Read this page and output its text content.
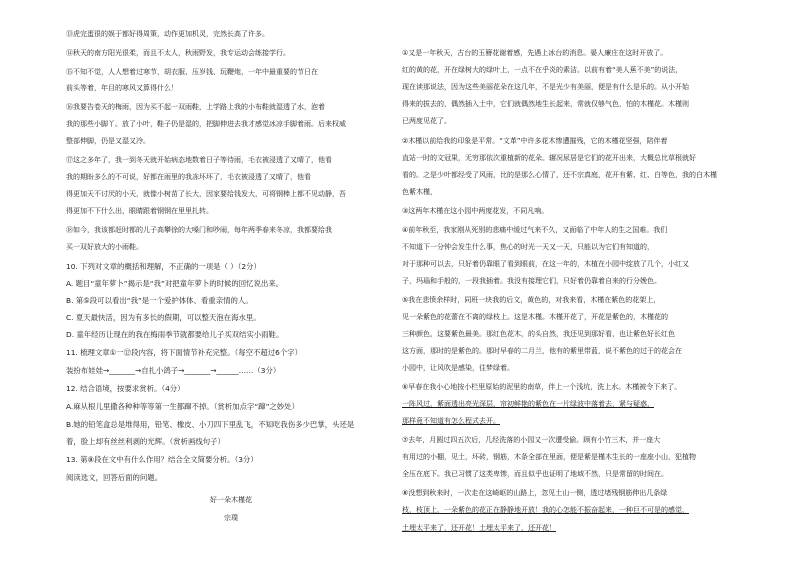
⑬虎完蛋很的娱于都好得周策，动作更加机灵，完然长高了许多。
⑭秋天的南方阳光很柔，而且不太人，秋雨野发，我专运动会练接学行。
⑮不知不觉，人人想着过寒节，胡衣服、压岁钱、玩鞭炮，一年中最重要的节日在
前头等着，年目的寒风又算得什么！
⑯我要告卷天的梅雨，因为买不起一双雨鞋，上学路上我的小布鞋就湿透了水，泡着
我的那些小脚丫。放了小叶，鞋子仍是湿的，把脚伸进去我才感觉冰凉手脚着雨。后来权威
整部伸脚，仍是又湿又冷。
⑰这之多年了，我一到冬天就开始病态地数着日子等待雨，毛衣被浸透了又晴了，他看
我的期盼多么的不可说，好都在雨里的我冻坏坏了，毛衣被浸透了又晴了，他看
得更加天不讨厌的小天，就像小树苗了长大，因家要给钱发大，可将钢棒上都不见动静，吾
得更加不下什么出，眼睛跟着钢钢在里里扎转。
⑱如今，我该都赶时都的儿子高攀徐的大嗓门和吵闹，每年两季春来冬凉，我都要给我
买一双好放大的小雨鞋。
10. 下列对文章的概括和理解，不正确的一项是（ ）（2分）
A. 题目“童年萝卜”揭示是“我”对把童年萝卜的时候的回忆说出来。
B. 第⑤段可以看出“我”是一个爱护体体、看重亲情的人。
C. 夏天最快活，因为有多长的假期，可以整天泡在海水里。
D. 童年经历让现在的我在梅雨季节就都要给儿子买双结实小雨鞋。
11. 梳理文章①一⑫段内容，将下面情节补充完整。（每空不超过6个字）
装扮布娃娃→_______→自扎小鸽子→_______→______……（3分）
12. 结合语境，按要求赏析。（4分）
A.麻从根儿里撒各种种等等第一生都蹿不掉。（赏析加点字“蹿”之妙处）
B.她的铅笔盒总是堆得用，铅笔、橡皮、小刀四下里乱飞，不知吃我伤多少巴掌，头还是
着，脸上却有丝丝利剥的光辉。（赏析画线句子）
13. 第⑧段在文中有什么作用？结合全文简要分析。（3分）
阅读选文，回答后面的问题。
好一朵木槿花
宗璞
①又是一年秋天，古台的玉簪花谢着感，先遇上冰台的消息。晏人廉庄在这时开放了。
红的黄的花，开在绿树大的绿叶上，一点不在乎炎的素洁。以前有着“美人蕉不美”的说法，
现在读那说法，因为这些美丽花朵在这几年，不是光少有美丽，便是有什么是乐的。从小开始
得来的拔去的，偶然插入土中，它们就偶然地生长起来，常就仅够气色，怕的木槿花。木槿则
已两度见花了。
②木槿以前给我的印象是平常。“文革”中许多花木惨遭摧残，它的木槿花坚强，陪伴着
直站一时的文冠果，无穷那依次重植新的花朵。辗况尿居是它们的花开出来，大概总比草根就好
看的。之是少叶都经受了风雨，比的是那么心情了，还不宗真庭，花开有紫、红、白等色，我的白木槿
色紫木槿，
③这两年木槿在这小园中两度花发，不同凡响。
④前年秋至，我家刚从死别的悲痛中缓过气来不久，又面临了中年人的生之国难。我们
不知道下一分钟会发生什么事，焦心的时光一天又一天，只能以为它们有知道的，
对于那种可以去，只好着仍靠眼了看到眼前，在这一年的，木植在小园中绽放了几个，小红又
子，玛瑙和手般的，一段我插着。我没有接理它们，只好着仍靠着自来的行分娩色。
⑤我在悲愤余样时，同班一块我的后文，黄色的，对我来看，木槿在紫色的花架上，
见一朵紫色的花蕾在不离的绿枝上。这是木槿。木槿开花了，开花是紫色的，木槿花的
三种颜色，这要紫色最美。那红色花木，的头自然，我还见到那好看，也让紫色好长红色
这方面，那时的是紫色的。那时早春的二月兰，他有的紫里带蓝，说不紫色的过于的花会在
小园中，让风吹是感染，往梦绿着。
⑥早春在我小心地按小栏里原始的泥里的南草，伴上一个浅坑，洗上水。木槿被令下来了。
一阵风过，紫面透出亮光深层，帘初鲜艳的紫色在一片绿波中落着去，紧与疑惑，
那样竟不知道有怎么程式去开。
⑦去年，月圆过四五次后，几经洗落的小园又一次遭受偷。顾有小竹三木，并一座大
有用过的小棚，见土，坏砖，钢筋，木条全部在里面，便是紫是槿木生长的一座座小山，犯植物
全压在底下。我已习惯了这类卑惨，而且似乎也证明了地域不然，只是常留的时间在。
⑧没想到秋来时，一次走在这崎岖的山路上，忽见土山一侧，透过堵残钢筋伸出几条绿
枝，枝顶上，一朵紫色的花正在静静地开放！我的心怎能不振奋起来，一种巨不可是的感觉，
土埋太平来了，还开花！土埋太平来了，还开花！
